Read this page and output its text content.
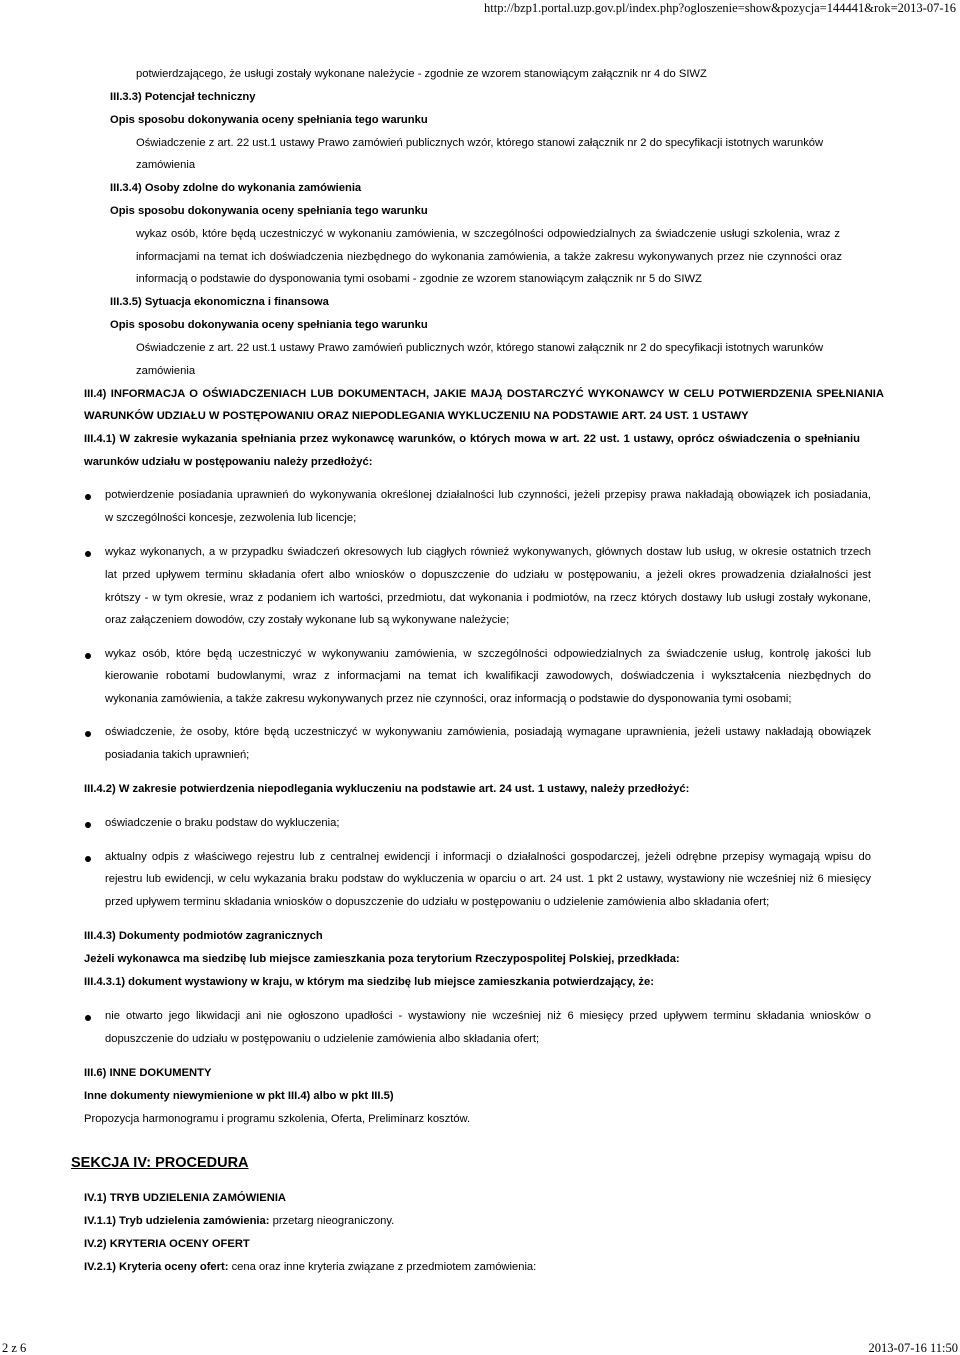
http://bzp1.portal.uzp.gov.pl/index.php?ogloszenie=show&pozycja=144441&rok=2013-07-16
potwierdzającego, że usługi zostały wykonane należycie - zgodnie ze wzorem stanowiącym załącznik nr 4 do SIWZ
III.3.3) Potencjał techniczny
Opis sposobu dokonywania oceny spełniania tego warunku
Oświadczenie z art. 22 ust.1 ustawy Prawo zamówień publicznych wzór, którego stanowi załącznik nr 2 do specyfikacji istotnych warunków
zamówienia
III.3.4) Osoby zdolne do wykonania zamówienia
Opis sposobu dokonywania oceny spełniania tego warunku
wykaz osób, które będą uczestniczyć w wykonaniu zamówienia, w szczególności odpowiedzialnych za świadczenie usługi szkolenia, wraz z
informacjami na temat ich doświadczenia niezbędnego do wykonania zamówienia, a także zakresu wykonywanych przez nie czynności oraz
informacją o podstawie do dysponowania tymi osobami - zgodnie ze wzorem stanowiącym załącznik nr 5 do SIWZ
III.3.5) Sytuacja ekonomiczna i finansowa
Opis sposobu dokonywania oceny spełniania tego warunku
Oświadczenie z art. 22 ust.1 ustawy Prawo zamówień publicznych wzór, którego stanowi załącznik nr 2 do specyfikacji istotnych warunków
zamówienia
III.4) INFORMACJA O OŚWIADCZENIACH LUB DOKUMENTACH, JAKIE MAJĄ DOSTARCZYĆ WYKONAWCY W CELU POTWIERDZENIA SPEŁNIANIA
WARUNKÓW UDZIAŁU W POSTĘPOWANIU ORAZ NIEPODLEGANIA WYKLUCZENIU NA PODSTAWIE ART. 24 UST. 1 USTAWY
III.4.1) W zakresie wykazania spełniania przez wykonawcę warunków, o których mowa w art. 22 ust. 1 ustawy, oprócz oświadczenia o spełnianiu
warunków udziału w postępowaniu należy przedłożyć:
potwierdzenie posiadania uprawnień do wykonywania określonej działalności lub czynności, jeżeli przepisy prawa nakładają obowiązek ich posiadania,
w szczególności koncesje, zezwolenia lub licencje;
wykaz wykonanych, a w przypadku świadczeń okresowych lub ciągłych również wykonywanych, głównych dostaw lub usług, w okresie ostatnich trzech
lat przed upływem terminu składania ofert albo wniosków o dopuszczenie do udziału w postępowaniu, a jeżeli okres prowadzenia działalności jest
krótszy - w tym okresie, wraz z podaniem ich wartości, przedmiotu, dat wykonania i podmiotów, na rzecz których dostawy lub usługi zostały wykonane,
oraz załączeniem dowodów, czy zostały wykonane lub są wykonywane należycie;
wykaz osób, które będą uczestniczyć w wykonywaniu zamówienia, w szczególności odpowiedzialnych za świadczenie usług, kontrolę jakości lub
kierowanie robotami budowlanymi, wraz z informacjami na temat ich kwalifikacji zawodowych, doświadczenia i wykształcenia niezbędnych do
wykonania zamówienia, a także zakresu wykonywanych przez nie czynności, oraz informacją o podstawie do dysponowania tymi osobami;
oświadczenie, że osoby, które będą uczestniczyć w wykonywaniu zamówienia, posiadają wymagane uprawnienia, jeżeli ustawy nakładają obowiązek
posiadania takich uprawnień;
III.4.2) W zakresie potwierdzenia niepodlegania wykluczeniu na podstawie art. 24 ust. 1 ustawy, należy przedłożyć:
oświadczenie o braku podstaw do wykluczenia;
aktualny odpis z właściwego rejestru lub z centralnej ewidencji i informacji o działalności gospodarczej, jeżeli odrębne przepisy wymagają wpisu do
rejestru lub ewidencji, w celu wykazania braku podstaw do wykluczenia w oparciu o art. 24 ust. 1 pkt 2 ustawy, wystawiony nie wcześniej niż 6 miesięcy
przed upływem terminu składania wniosków o dopuszczenie do udziału w postępowaniu o udzielenie zamówienia albo składania ofert;
III.4.3) Dokumenty podmiotów zagranicznych
Jeżeli wykonawca ma siedzibę lub miejsce zamieszkania poza terytorium Rzeczypospolitej Polskiej, przedkłada:
III.4.3.1) dokument wystawiony w kraju, w którym ma siedzibę lub miejsce zamieszkania potwierdzający, że:
nie otwarto jego likwidacji ani nie ogłoszono upadłości - wystawiony nie wcześniej niż 6 miesięcy przed upływem terminu składania wniosków o
dopuszczenie do udziału w postępowaniu o udzielenie zamówienia albo składania ofert;
III.6) INNE DOKUMENTY
Inne dokumenty niewymienione w pkt III.4) albo w pkt III.5)
Propozycja harmonogramu i programu szkolenia, Oferta, Preliminarz kosztów.
SEKCJA IV: PROCEDURA
IV.1) TRYB UDZIELENIA ZAMÓWIENIA
IV.1.1) Tryb udzielenia zamówienia: przetarg nieograniczony.
IV.2) KRYTERIA OCENY OFERT
IV.2.1) Kryteria oceny ofert: cena oraz inne kryteria związane z przedmiotem zamówienia:
2 z 6	2013-07-16 11:50
